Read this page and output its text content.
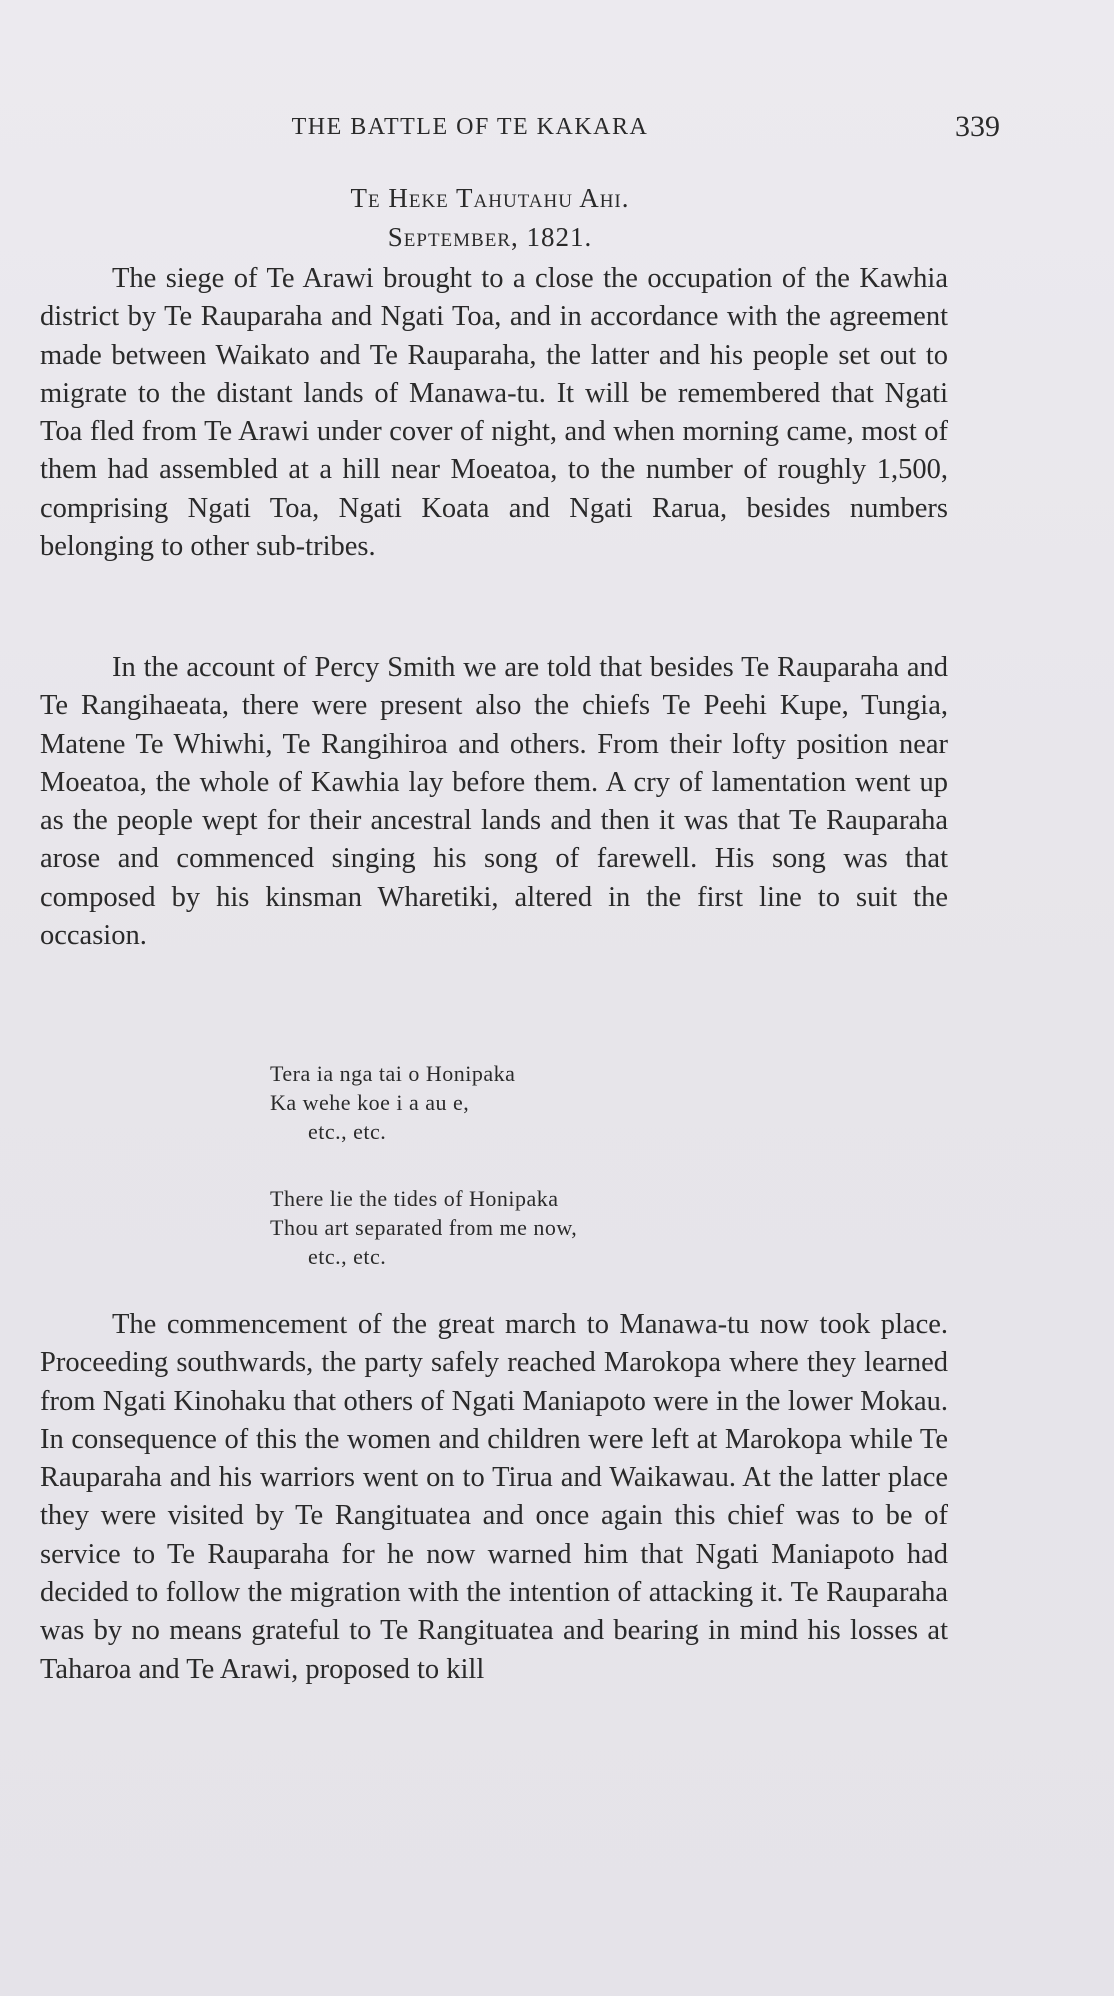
THE BATTLE OF TE KAKARA	339
Te Heke Tahutahu Ahi.
September, 1821.

The siege of Te Arawi brought to a close the occupation of the Kawhia district by Te Rauparaha and Ngati Toa, and in accordance with the agreement made between Waikato and Te Rauparaha, the latter and his people set out to migrate to the distant lands of Manawa-tu. It will be remembered that Ngati Toa fled from Te Arawi under cover of night, and when morning came, most of them had assembled at a hill near Moeatoa, to the number of roughly 1,500, comprising Ngati Toa, Ngati Koata and Ngati Rarua, besides numbers belonging to other sub-tribes.

In the account of Percy Smith we are told that besides Te Rauparaha and Te Rangihaeata, there were present also the chiefs Te Peehi Kupe, Tungia, Matene Te Whiwhi, Te Rangihiroa and others. From their lofty position near Moeatoa, the whole of Kawhia lay before them. A cry of lamentation went up as the people wept for their ancestral lands and then it was that Te Rauparaha arose and commenced singing his song of farewell. His song was that composed by his kinsman Wharetiki, altered in the first line to suit the occasion.

Tera ia nga tai o Honipaka
Ka wehe koe i a au e,
etc., etc.
There lie the tides of Honipaka
Thou art separated from me now,
etc., etc.

The commencement of the great march to Manawa-tu now took place. Proceeding southwards, the party safely reached Marokopa where they learned from Ngati Kinohaku that others of Ngati Maniapoto were in the lower Mokau. In consequence of this the women and children were left at Marokopa while Te Rauparaha and his warriors went on to Tirua and Waikawau. At the latter place they were visited by Te Rangituatea and once again this chief was to be of service to Te Rauparaha for he now warned him that Ngati Maniapoto had decided to follow the migration with the intention of attacking it. Te Rauparaha was by no means grateful to Te Rangituatea and bearing in mind his losses at Taharoa and Te Arawi, proposed to kill
